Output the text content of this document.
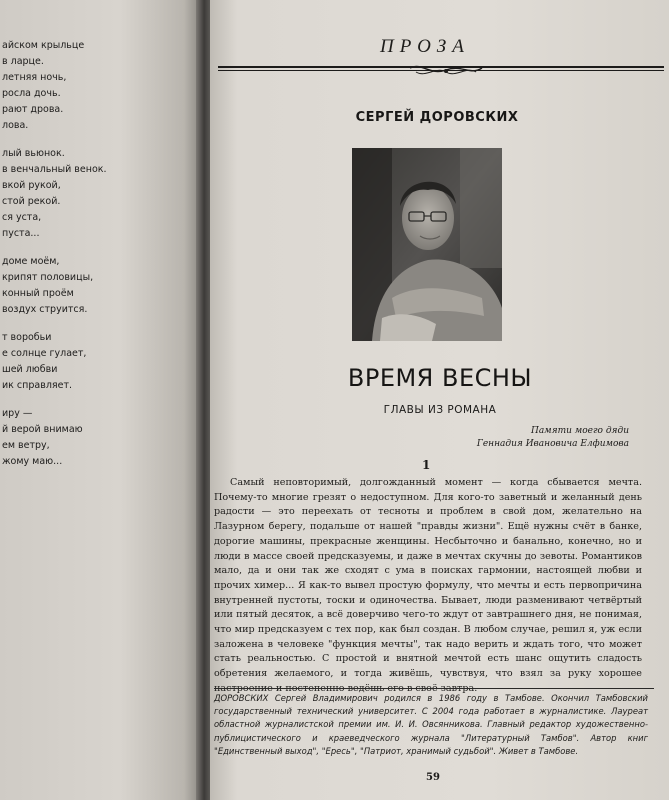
айском крыльце
в ларце.
летняя ночь,
росла дочь.
рают дрова.
лова.
лый вьюнок.
в венчальный венок.
вкой рукой,
стой рекой.
ся уста,
пуста...
доме моём,
крипят половицы,
конный проём
воздух струится.
т воробьи
е солнце гулает,
шей любви
ик справляет.
иру —
й верой внимаю
ем ветру,
жому маю...
ПРОЗА
СЕРГЕЙ ДОРОВСКИХ
ВРЕМЯ ВЕСНЫ
ГЛАВЫ ИЗ РОМАНА
Памяти моего дяди
Геннадия Ивановича Елфимова
1

Самый неповторимый, долгожданный момент — когда сбывается мечта. Почему-то многие грезят о недоступном. Для кого-то заветный и желанный день радости — это переехать от тесноты и проблем в свой дом, желательно на Лазурном берегу, подальше от нашей "правды жизни". Ещё нужны счёт в банке, дорогие машины, прекрасные женщины. Несбыточно и банально, конечно, но и люди в массе своей предсказуемы, и даже в мечтах скучны до зевоты. Романтиков мало, да и они так же сходят с ума в поисках гармонии, настоящей любви и прочих химер... Я как-то вывел простую формулу, что мечты и есть первопричина внутренней пустоты, тоски и одиночества. Бывает, люди разменивают четвёртый или пятый десяток, а всё доверчиво чего-то ждут от завтрашнего дня, не понимая, что мир предсказуем с тех пор, как был создан. В любом случае, решил я, уж если заложена в человеке "функция мечты", так надо верить и ждать того, что может стать реальностью. С простой и внятной мечтой есть шанс ощутить сладость обретения желаемого, и тогда живёшь, чувствуя, что взял за руку хорошее настроение и постепенно ведёшь его в своё завтра.

ДОРОВСКИХ Сергей Владимирович родился в 1986 году в Тамбове. Окончил Тамбовский государственный технический университет. С 2004 года работает в журналистике. Лауреат областной журналистской премии им. И. И. Овсянникова. Главный редактор художественно-публицистического и краеведческого журнала "Литературный Тамбов". Автор книг "Единственный выход", "Ересь", "Патриот, хранимый судьбой". Живет в Тамбове.

59
